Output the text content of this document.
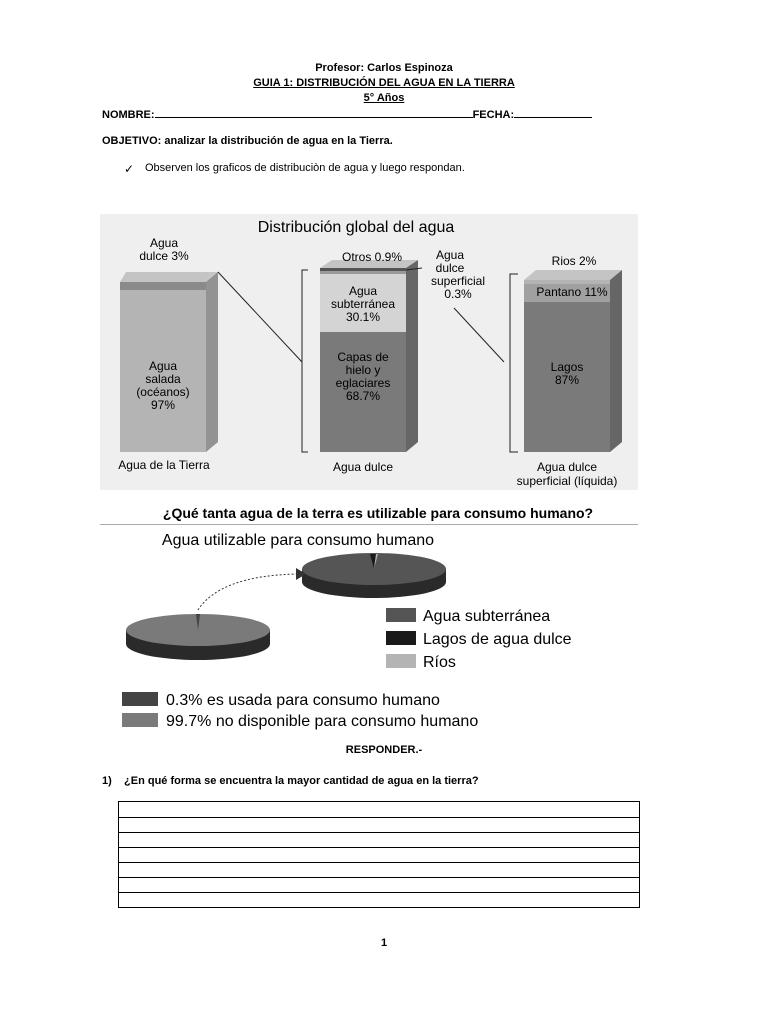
Profesor: Carlos Espinoza
GUIA 1: DISTRIBUCIÓN DEL AGUA EN LA TIERRA
5° Años
NOMBRE:	FECHA:
OBJETIVO: analizar la distribución de agua en la Tierra.
✓ Observen los graficos de distribuciòn de agua y luego respondan.
Distribución global del agua
Agua
dulce 3%
Agua
salada
(océanos)
97%
Agua de la Tierra
Otros 0.9%	Agua
dulce
superficial
0.3%
Agua
subterránea
30.1%
Capas de
hielo y
eglaciares
68.7%
Agua dulce
Rios 2%
Pantano 11%
Lagos
87%
Agua dulce
superficial (líquida)
¿Qué tanta agua de la terra es utilizable para consumo humano?
Agua utilizable para consumo humano
Agua subterránea
Lagos de agua dulce
Ríos
0.3% es usada para consumo humano
99.7% no disponible para consumo humano
RESPONDER.-
1) ¿En qué forma se encuentra la mayor cantidad de agua en la tierra?
1
